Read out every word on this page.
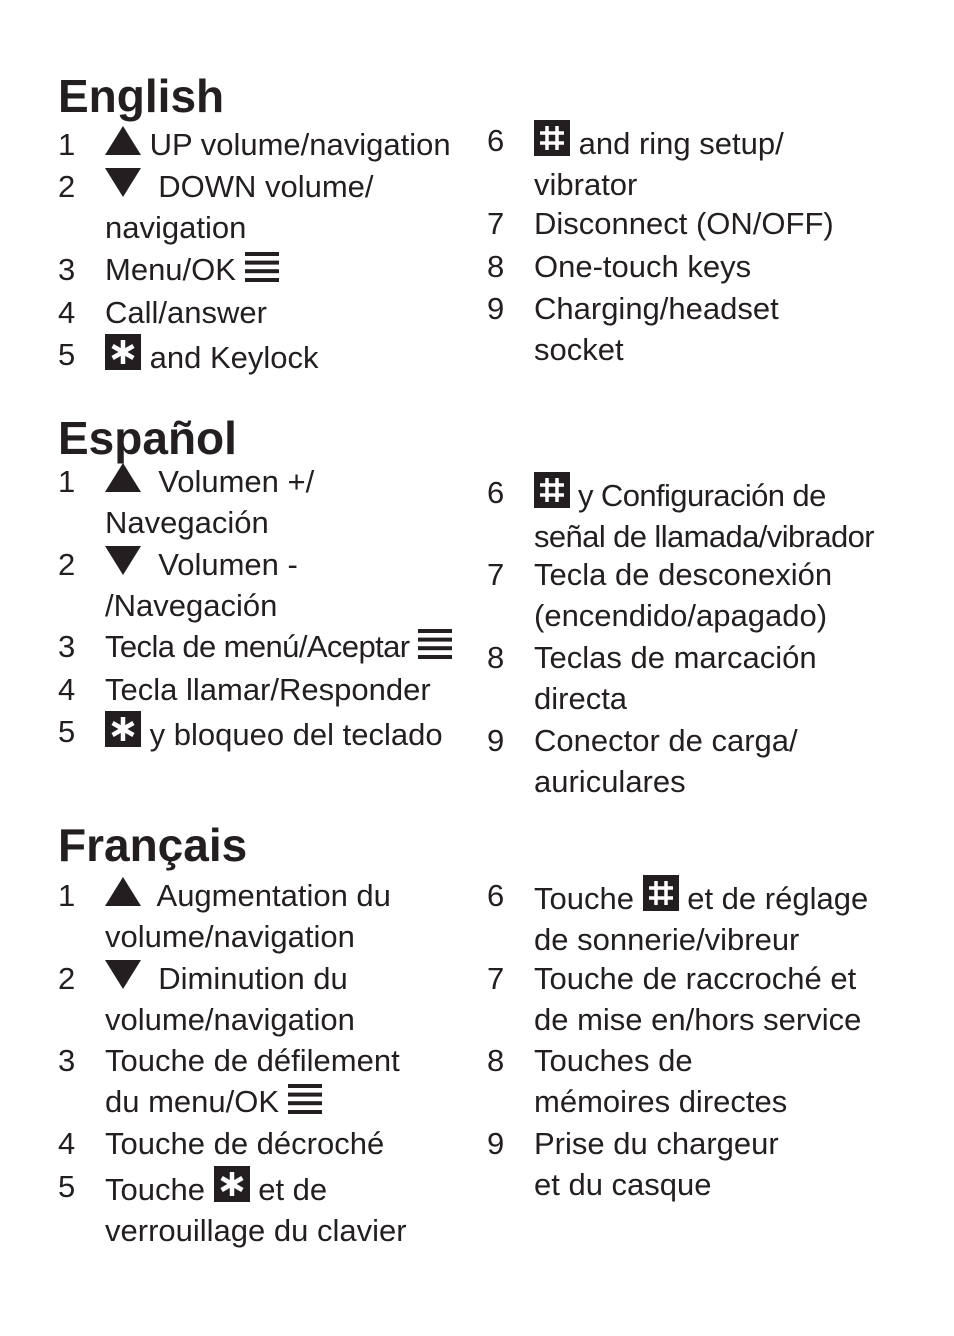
English
1	UP volume/navigation
2	DOWN volume/
navigation
3 Menu/OK
4 Call/answer
5	and Keylock
6	and ring setup/
vibrator
7 Disconnect (ON/OFF)
8 One-touch keys
9 Charging/headset
socket
Español
1	Volumen +/
Navegación
2	Volumen -
/Navegación
3 Tecla de menú/Aceptar
4 Tecla llamar/Responder
5	y bloqueo del teclado
6	y Configuración de
señal de llamada/vibrador
7 Tecla de desconexión
(encendido/apagado)
8 Teclas de marcación
directa
9 Conector de carga/
auriculares
Français
1	Augmentation du
volume/navigation
2	Diminution du
volume/navigation
3 Touche de défilement
du menu/OK
4 Touche de décroché
5 Touche et de
verrouillage du clavier
6 Touche et de réglage
de sonnerie/vibreur
7 Touche de raccroché et
de mise en/hors service
8 Touches de
mémoires directes
9 Prise du chargeur
et du casque
